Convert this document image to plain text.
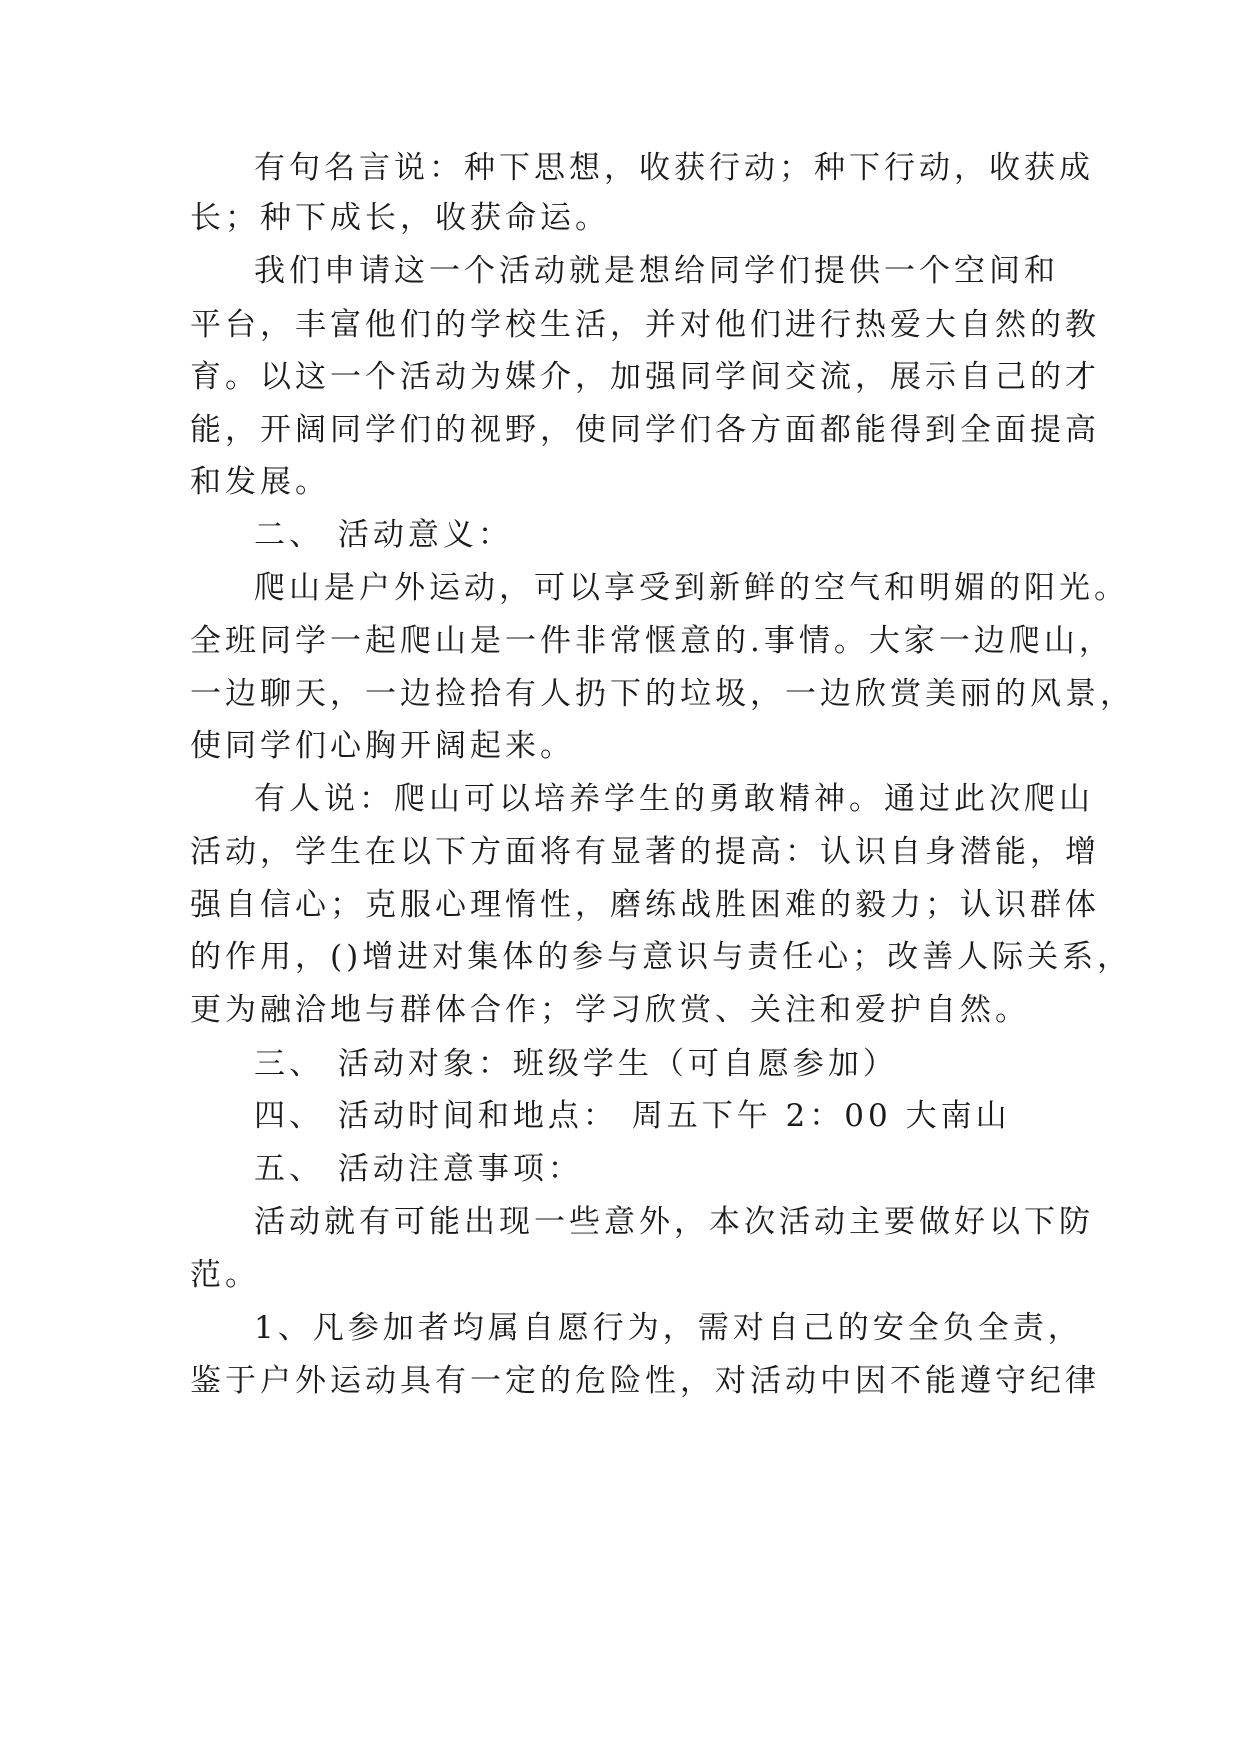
有句名言说：种下思想，收获行动；种下行动，收获成
长；种下成长，收获命运。
我们申请这一个活动就是想给同学们提供一个空间和
平台，丰富他们的学校生活，并对他们进行热爱大自然的教
育。以这一个活动为媒介，加强同学间交流，展示自己的才
能，开阔同学们的视野，使同学们各方面都能得到全面提高
和发展。
二、 活动意义：
爬山是户外运动，可以享受到新鲜的空气和明媚的阳光。
全班同学一起爬山是一件非常惬意的.事情。大家一边爬山，
一边聊天，一边捡拾有人扔下的垃圾，一边欣赏美丽的风景，
使同学们心胸开阔起来。
有人说：爬山可以培养学生的勇敢精神。通过此次爬山
活动，学生在以下方面将有显著的提高：认识自身潜能，增
强自信心；克服心理惰性，磨练战胜困难的毅力；认识群体
的作用，()增进对集体的参与意识与责任心；改善人际关系，
更为融洽地与群体合作；学习欣赏、关注和爱护自然。
三、 活动对象：班级学生（可自愿参加）
四、 活动时间和地点： 周五下午 2：00 大南山
五、 活动注意事项：
活动就有可能出现一些意外，本次活动主要做好以下防
范。
1、凡参加者均属自愿行为，需对自己的安全负全责，
鉴于户外运动具有一定的危险性，对活动中因不能遵守纪律
